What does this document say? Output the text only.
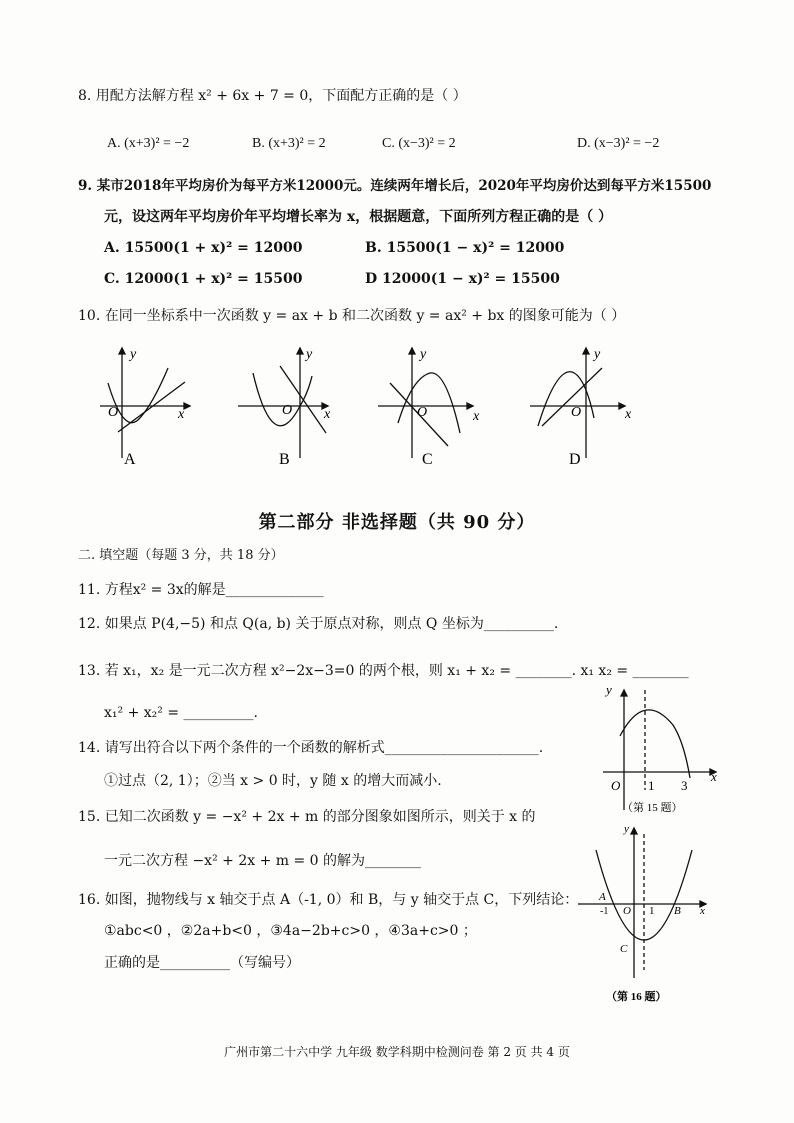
8. 用配方法解方程 x² + 6x + 7 = 0，下面配方正确的是（ ）
A. (x+3)² = −2	B. (x+3)² = 2	C. (x−3)² = 2	D. (x−3)² = −2
9. 某市2018年平均房价为每平方米12000元。连续两年增长后，2020年平均房价达到每平方米15500
元，设这两年平均房价年平均增长率为 x，根据题意，下面所列方程正确的是（ ）
A. 15500(1 + x)² = 12000	B. 15500(1 − x)² = 12000
C. 12000(1 + x)² = 15500	D 12000(1 − x)² = 15500
10. 在同一坐标系中一次函数 y = ax + b 和二次函数 y = ax² + bx 的图象可能为（ ）
y
x
O
y
x
O
y
x
O
y
x
O
A	B	C	D
第二部分 非选择题（共 90 分）
二. 填空题（每题 3 分，共 18 分）
11. 方程x² = 3x的解是______________
12. 如果点 P(4,−5) 和点 Q(a, b) 关于原点对称，则点 Q 坐标为__________.
13. 若 x₁，x₂ 是一元二次方程 x²−2x−3=0 的两个根，则 x₁ + x₂ = ________. x₁ x₂ = ________
x₁² + x₂² = __________.
14. 请写出符合以下两个条件的一个函数的解析式______________________.
①过点（2, 1）；②当 x > 0 时，y 随 x 的增大而减小.
y
x
O 1 3
（第 15 题）
15. 已知二次函数 y = −x² + 2x + m 的部分图象如图所示，则关于 x 的
一元二次方程 −x² + 2x + m = 0 的解为________
y
x
A
-1 O 1 B
C
（第 16 题）
16. 如图，抛物线与 x 轴交于点 A（-1, 0）和 B，与 y 轴交于点 C，下列结论：
①abc<0 ，②2a+b<0 ，③4a−2b+c>0 ，④3a+c>0 ；
正确的是__________（写编号）
广州市第二十六中学 九年级 数学科期中检测问卷 第 2 页 共 4 页
